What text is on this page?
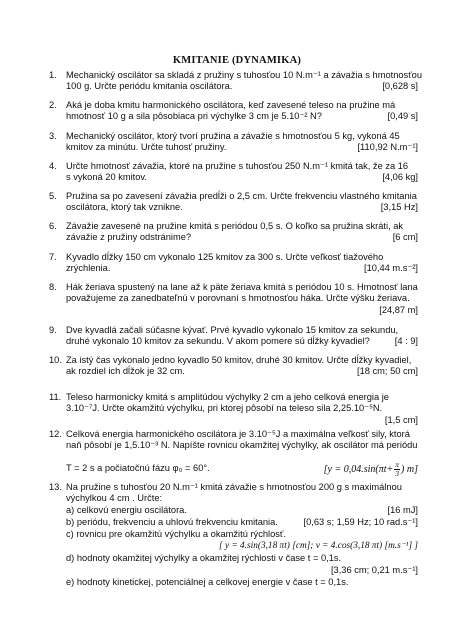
KMITANIE (DYNAMIKA)
1. Mechanický oscilátor sa skladá z pružiny s tuhosťou 10 N.m⁻¹ a závažia s hmotnosťou
100 g. Určte periódu kmitania oscilátora.	[0,628 s]
2. Aká je doba kmitu harmonického oscilátora, keď zavesené teleso na pružine má
hmotnosť 10 g a sila pôsobiaca pri výchylke 3 cm je 5.10⁻² N?	[0,49 s]
3. Mechanický oscilátor, ktorý tvorí pružina a závažie s hmotnosťou 5 kg, vykoná 45
kmitov za minútu. Určte tuhosť pružiny.	[110,92 N.m⁻¹]
4. Určte hmotnosť závažia, ktoré na pružine s tuhosťou 250 N.m⁻¹ kmitá tak, že za 16
s vykoná 20 kmitov.	[4,06 kg]
5. Pružina sa po zavesení závažia predĺži o 2,5 cm. Určte frekvenciu vlastného kmitania
oscilátora, ktorý tak vznikne.	[3,15 Hz]
6. Závažie zavesené na pružine kmitá s periódou 0,5 s. O koľko sa pružina skráti, ak
závažie z pružiny odstránime?	[6 cm]
7. Kyvadlo dĺžky 150 cm vykonalo 125 kmitov za 300 s. Určte veľkosť tiažového
zrýchlenia.	[10,44 m.s⁻²]
8. Hák žeriava spustený na lane až k päte žeriava kmitá s periódou 10 s. Hmotnosť lana
považujeme za zanedbateľnú v porovnaní s hmotnosťou háka. Určte výšku žeriava.
[24,87 m]
9. Dve kyvadlá začali súčasne kývať. Prvé kyvadlo vykonalo 15 kmitov za sekundu,
druhé vykonalo 10 kmitov za sekundu. V akom pomere sú dĺžky kyvadiel?	[4 : 9]
10. Za istý čas vykonalo jedno kyvadlo 50 kmitov, druhé 30 kmitov. Určte dĺžky kyvadiel,
ak rozdiel ich dĺžok je 32 cm.	[18 cm; 50 cm]
11. Teleso harmonicky kmitá s amplitúdou výchylky 2 cm a jeho celková energia je
3.10⁻⁷J. Určte okamžitú výchylku, pri ktorej pôsobí na teleso sila 2,25.10⁻⁵N.
[1,5 cm]
12. Celková energia harmonického oscilátora je 3.10⁻⁵J a maximálna veľkosť sily, ktorá
naň pôsobí je 1,5.10⁻³ N. Napíšte rovnicu okamžitej výchylky, ak oscilátor má periódu
T = 2 s a počiatočnú fázu φ₀ = 60°.	[$y = 0,04.\sin(\pi t+ \frac{\pi}{3}$ ) m]
13. Na pružine s tuhosťou 20 N.m⁻¹ kmitá závažie s hmotnosťou 200 g s maximálnou
výchylkou 4 cm . Určte:
a) celkovú energiu oscilátora.	[16 mJ]
b) periódu, frekvenciu a uhlovú frekvenciu kmitania.	[0,63 s; 1,59 Hz; 10 rad.s⁻¹]
c) rovnicu pre okamžitú výchylku a okamžitú rýchlosť.
[ y = 4.sin(3,18 πt) [cm]; v = 4.cos(3,18 πt) [m.s⁻¹] ]
d) hodnoty okamžitej výchylky a okamžitej rýchlosti v čase t = 0,1s.
[3,36 cm; 0,21 m.s⁻¹]
e) hodnoty kinetickej, potenciálnej a celkovej energie v čase t = 0,1s.
